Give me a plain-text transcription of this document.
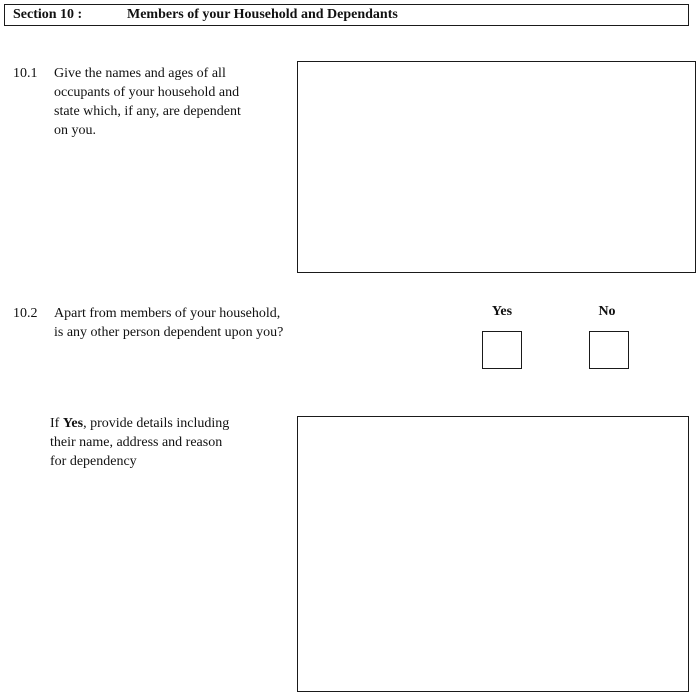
Section 10 :	Members of your Household and Dependants
10.1 Give the names and ages of all
occupants of your household and
state which, if any, are dependent
on you.
10.2 Apart from members of your household,
is any other person dependent upon you?
Yes	No
If Yes, provide details including
their name, address and reason
for dependency
